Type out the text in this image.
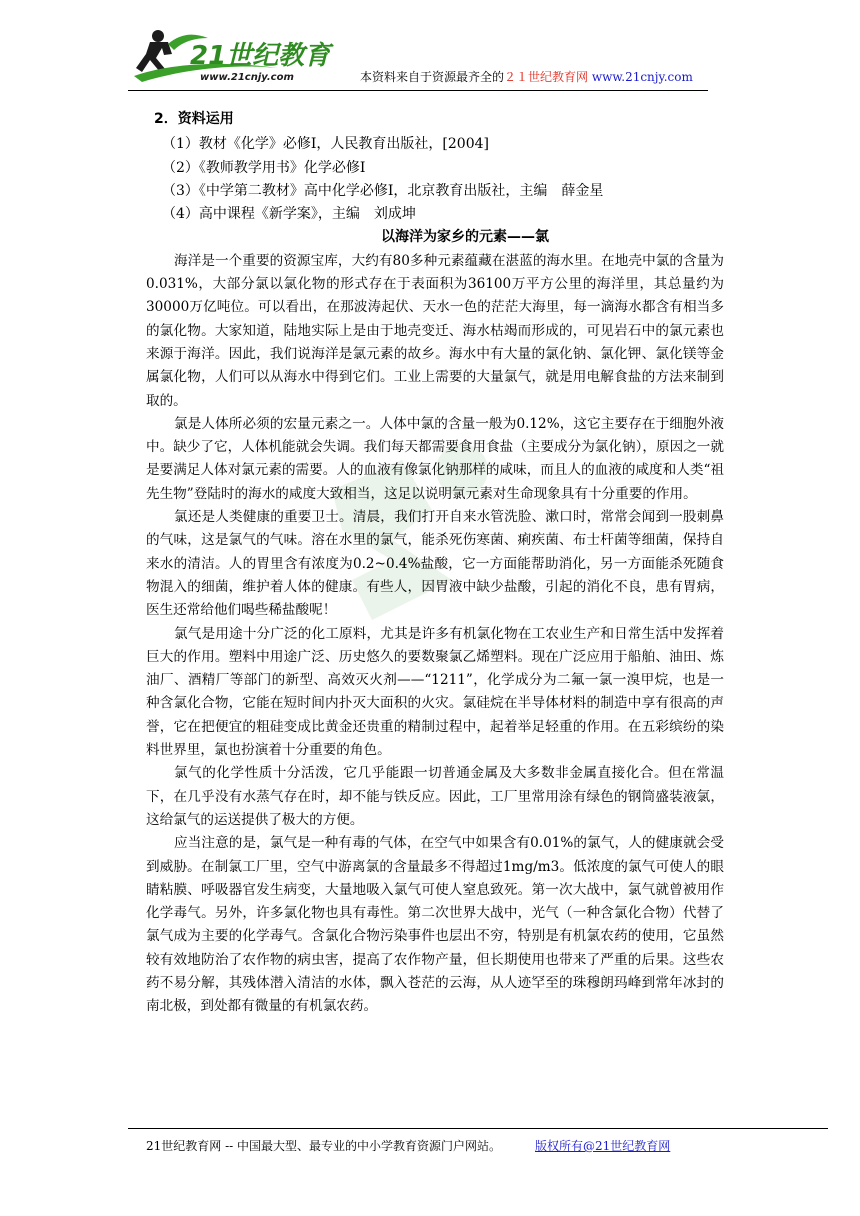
21世纪教育
www.21cnjy.com	本资料来自于资源最齐全的２１世纪教育网 www.21cnjy.com
2．资料运用
（1）教材《化学》必修Ⅰ，人民教育出版社，[2004]
（2）《教师教学用书》化学必修Ⅰ
（3）《中学第二教材》高中化学必修Ⅰ，北京教育出版社，主编　薛金星
（4）高中课程《新学案》，主编　刘成坤
以海洋为家乡的元素——氯

海洋是一个重要的资源宝库，大约有80多种元素蕴藏在湛蓝的海水里。在地壳中氯的含量为0.031%，大部分氯以氯化物的形式存在于表面积为36100万平方公里的海洋里，其总量约为30000万亿吨位。可以看出，在那波涛起伏、天水一色的茫茫大海里，每一滴海水都含有相当多的氯化物。大家知道，陆地实际上是由于地壳变迁、海水枯竭而形成的，可见岩石中的氯元素也来源于海洋。因此，我们说海洋是氯元素的故乡。海水中有大量的氯化钠、氯化钾、氯化镁等金属氯化物，人们可以从海水中得到它们。工业上需要的大量氯气，就是用电解食盐的方法来制到取的。

氯是人体所必须的宏量元素之一。人体中氯的含量一般为0.12%，这它主要存在于细胞外液中。缺少了它，人体机能就会失调。我们每天都需要食用食盐（主要成分为氯化钠），原因之一就是要满足人体对氯元素的需要。人的血液有像氯化钠那样的咸味，而且人的血液的咸度和人类“祖先生物”登陆时的海水的咸度大致相当，这足以说明氯元素对生命现象具有十分重要的作用。

氯还是人类健康的重要卫士。清晨，我们打开自来水管洗脸、漱口时，常常会闻到一股刺鼻的气味，这是氯气的气味。溶在水里的氯气，能杀死伤寒菌、痢疾菌、布士杆菌等细菌，保持自来水的清洁。人的胃里含有浓度为0.2~0.4%盐酸，它一方面能帮助消化，另一方面能杀死随食物混入的细菌，维护着人体的健康。有些人，因胃液中缺少盐酸，引起的消化不良，患有胃病，医生还常给他们喝些稀盐酸呢！

氯气是用途十分广泛的化工原料，尤其是许多有机氯化物在工农业生产和日常生活中发挥着巨大的作用。塑料中用途广泛、历史悠久的要数聚氯乙烯塑料。现在广泛应用于船舶、油田、炼油厂、酒精厂等部门的新型、高效灭火剂——“1211”，化学成分为二氟一氯一溴甲烷，也是一种含氯化合物，它能在短时间内扑灭大面积的火灾。氯硅烷在半导体材料的制造中享有很高的声誉，它在把便宜的粗硅变成比黄金还贵重的精制过程中，起着举足轻重的作用。在五彩缤纷的染料世界里，氯也扮演着十分重要的角色。

氯气的化学性质十分活泼，它几乎能跟一切普通金属及大多数非金属直接化合。但在常温下，在几乎没有水蒸气存在时，却不能与铁反应。因此，工厂里常用涂有绿色的钢筒盛装液氯，这给氯气的运送提供了极大的方便。

应当注意的是，氯气是一种有毒的气体，在空气中如果含有0.01%的氯气，人的健康就会受到威胁。在制氯工厂里，空气中游离氯的含量最多不得超过1mg/m3。低浓度的氯气可使人的眼睛粘膜、呼吸器官发生病变，大量地吸入氯气可使人窒息致死。第一次大战中，氯气就曾被用作化学毒气。另外，许多氯化物也具有毒性。第二次世界大战中，光气（一种含氯化合物）代替了氯气成为主要的化学毒气。含氯化合物污染事件也层出不穷，特别是有机氯农药的使用，它虽然较有效地防治了农作物的病虫害，提高了农作物产量，但长期使用也带来了严重的后果。这些农药不易分解，其残体潜入清洁的水体，飘入苍茫的云海，从人迹罕至的珠穆朗玛峰到常年冰封的南北极，到处都有微量的有机氯农药。

21世纪教育网 -- 中国最大型、最专业的中小学教育资源门户网站。	版权所有@21世纪教育网
